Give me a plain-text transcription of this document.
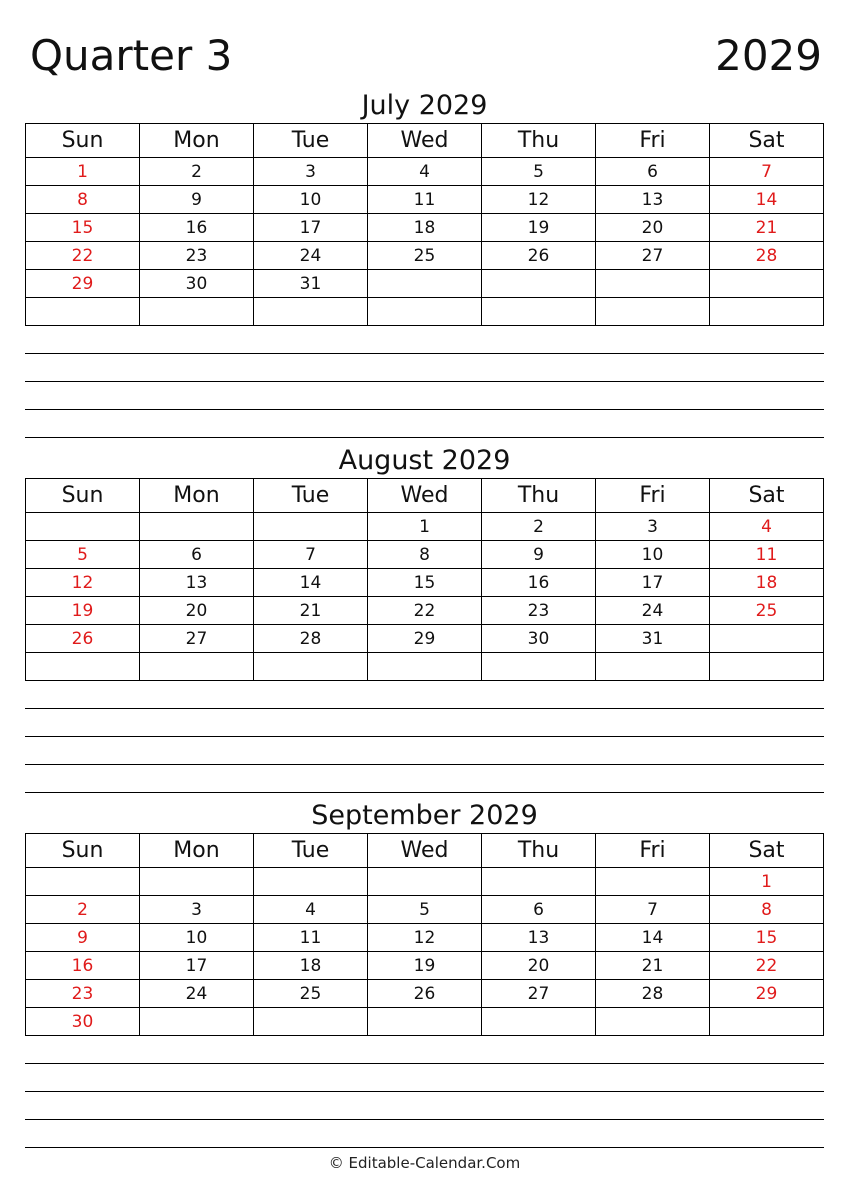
Quarter 3	2029
July 2029
Sun	Mon	Tue	Wed	Thu	Fri	Sat
1	2	3	4	5	6	7
8	9	10	11	12	13	14
15	16	17	18	19	20	21
22	23	24	25	26	27	28
29	30	31				

August 2029
Sun	Mon	Tue	Wed	Thu	Fri	Sat
			1	2	3	4
5	6	7	8	9	10	11
12	13	14	15	16	17	18
19	20	21	22	23	24	25
26	27	28	29	30	31	

September 2029
Sun	Mon	Tue	Wed	Thu	Fri	Sat
						1
2	3	4	5	6	7	8
9	10	11	12	13	14	15
16	17	18	19	20	21	22
23	24	25	26	27	28	29
30						
© Editable-Calendar.Com
